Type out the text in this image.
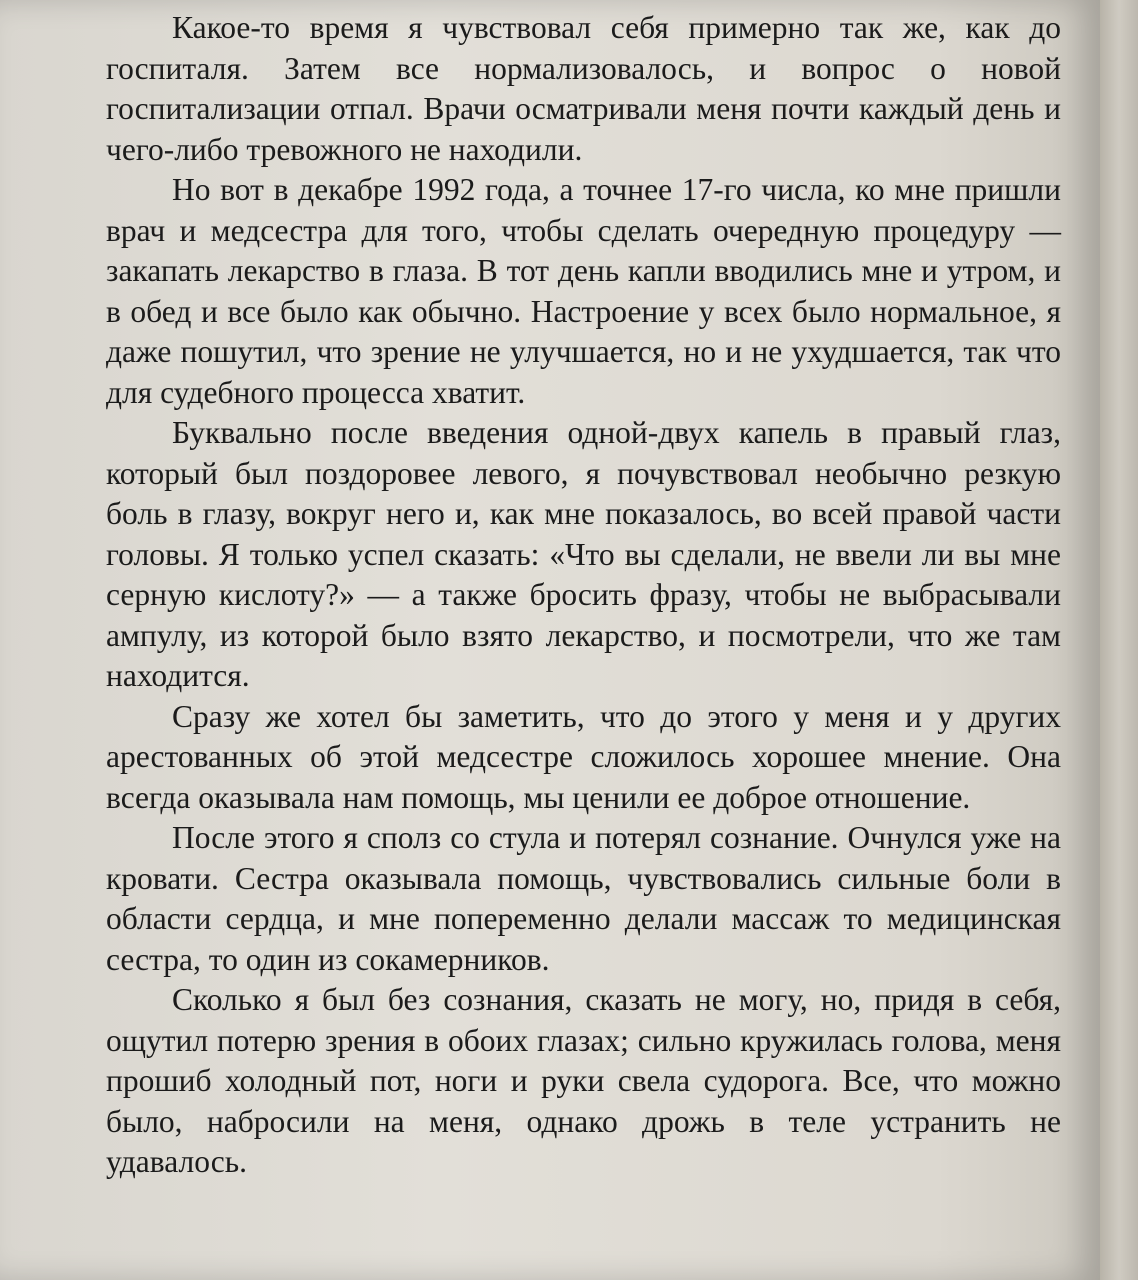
Какое-то время я чувствовал себя примерно так же, как до госпиталя. Затем все нормализовалось, и вопрос о новой госпитализации отпал. Врачи осматривали меня почти каждый день и чего-либо тревожного не находили.

Но вот в декабре 1992 года, а точнее 17-го числа, ко мне пришли врач и медсестра для того, чтобы сделать очередную процедуру — закапать лекарство в глаза. В тот день капли вводились мне и утром, и в обед и все было как обычно. Настроение у всех было нормальное, я даже пошутил, что зрение не улучшается, но и не ухудшается, так что для судебного процесса хватит.

Буквально после введения одной-двух капель в правый глаз, который был поздоровее левого, я почувствовал необычно резкую боль в глазу, вокруг него и, как мне показалось, во всей правой части головы. Я только успел сказать: «Что вы сделали, не ввели ли вы мне серную кислоту?» — а также бросить фразу, чтобы не выбрасывали ампулу, из которой было взято лекарство, и посмотрели, что же там находится.

Сразу же хотел бы заметить, что до этого у меня и у других арестованных об этой медсестре сложилось хорошее мнение. Она всегда оказывала нам помощь, мы ценили ее доброе отношение.

После этого я сполз со стула и потерял сознание. Очнулся уже на кровати. Сестра оказывала помощь, чувствовались сильные боли в области сердца, и мне попеременно делали массаж то медицинская сестра, то один из сокамерников.

Сколько я был без сознания, сказать не могу, но, придя в себя, ощутил потерю зрения в обоих глазах; сильно кружилась голова, меня прошиб холодный пот, ноги и руки свела судорога. Все, что можно было, набросили на меня, однако дрожь в теле устранить не удавалось.
